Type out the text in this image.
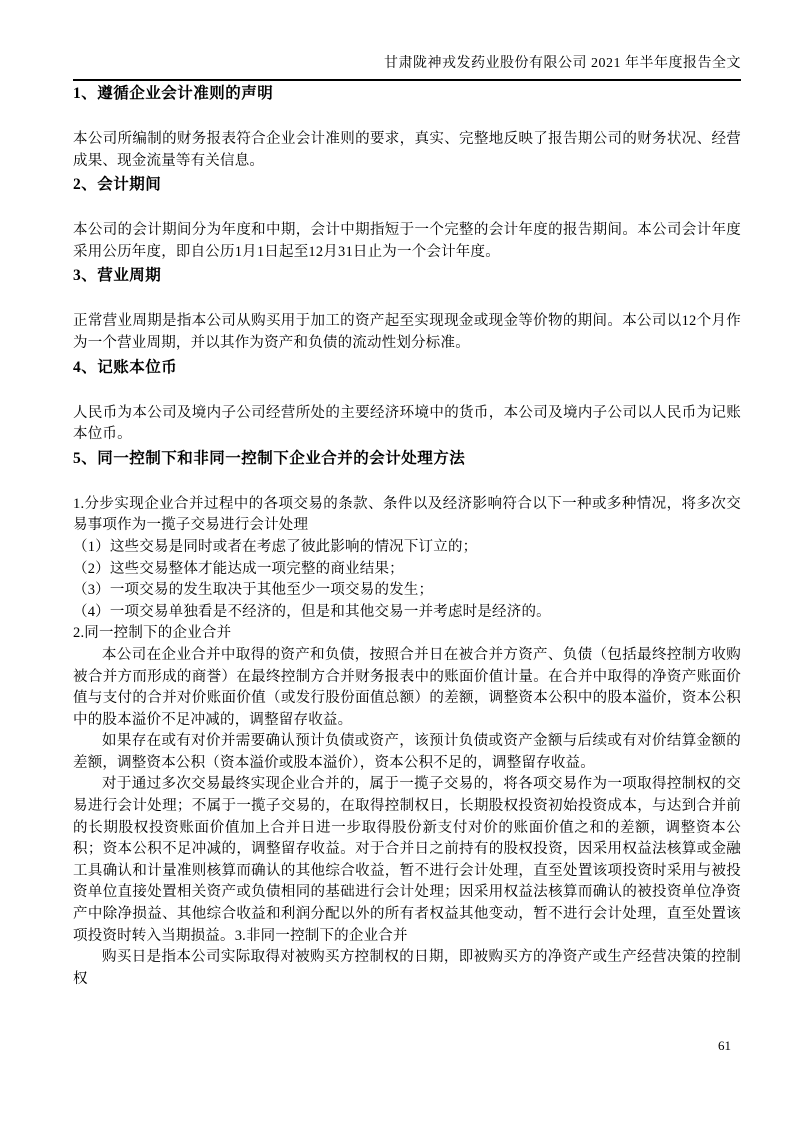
甘肃陇神戎发药业股份有限公司 2021 年半年度报告全文
1、遵循企业会计准则的声明

本公司所编制的财务报表符合企业会计准则的要求，真实、完整地反映了报告期公司的财务状况、经营成果、现金流量等有关信息。

2、会计期间

本公司的会计期间分为年度和中期，会计中期指短于一个完整的会计年度的报告期间。本公司会计年度采用公历年度，即自公历1月1日起至12月31日止为一个会计年度。

3、营业周期

正常营业周期是指本公司从购买用于加工的资产起至实现现金或现金等价物的期间。本公司以12个月作为一个营业周期，并以其作为资产和负债的流动性划分标准。

4、记账本位币

人民币为本公司及境内子公司经营所处的主要经济环境中的货币，本公司及境内子公司以人民币为记账本位币。

5、同一控制下和非同一控制下企业合并的会计处理方法

1.分步实现企业合并过程中的各项交易的条款、条件以及经济影响符合以下一种或多种情况，将多次交易事项作为一揽子交易进行会计处理

（1）这些交易是同时或者在考虑了彼此影响的情况下订立的；

（2）这些交易整体才能达成一项完整的商业结果；

（3）一项交易的发生取决于其他至少一项交易的发生；

（4）一项交易单独看是不经济的，但是和其他交易一并考虑时是经济的。

2.同一控制下的企业合并

本公司在企业合并中取得的资产和负债，按照合并日在被合并方资产、负债（包括最终控制方收购被合并方而形成的商誉）在最终控制方合并财务报表中的账面价值计量。在合并中取得的净资产账面价值与支付的合并对价账面价值（或发行股份面值总额）的差额，调整资本公积中的股本溢价，资本公积中的股本溢价不足冲减的，调整留存收益。

如果存在或有对价并需要确认预计负债或资产，该预计负债或资产金额与后续或有对价结算金额的差额，调整资本公积（资本溢价或股本溢价），资本公积不足的，调整留存收益。

对于通过多次交易最终实现企业合并的，属于一揽子交易的，将各项交易作为一项取得控制权的交易进行会计处理；不属于一揽子交易的，在取得控制权日，长期股权投资初始投资成本，与达到合并前的长期股权投资账面价值加上合并日进一步取得股份新支付对价的账面价值之和的差额，调整资本公积；资本公积不足冲减的，调整留存收益。对于合并日之前持有的股权投资，因采用权益法核算或金融工具确认和计量准则核算而确认的其他综合收益，暂不进行会计处理，直至处置该项投资时采用与被投资单位直接处置相关资产或负债相同的基础进行会计处理；因采用权益法核算而确认的被投资单位净资产中除净损益、其他综合收益和利润分配以外的所有者权益其他变动，暂不进行会计处理，直至处置该项投资时转入当期损益。3.非同一控制下的企业合并

购买日是指本公司实际取得对被购买方控制权的日期，即被购买方的净资产或生产经营决策的控制权

61
